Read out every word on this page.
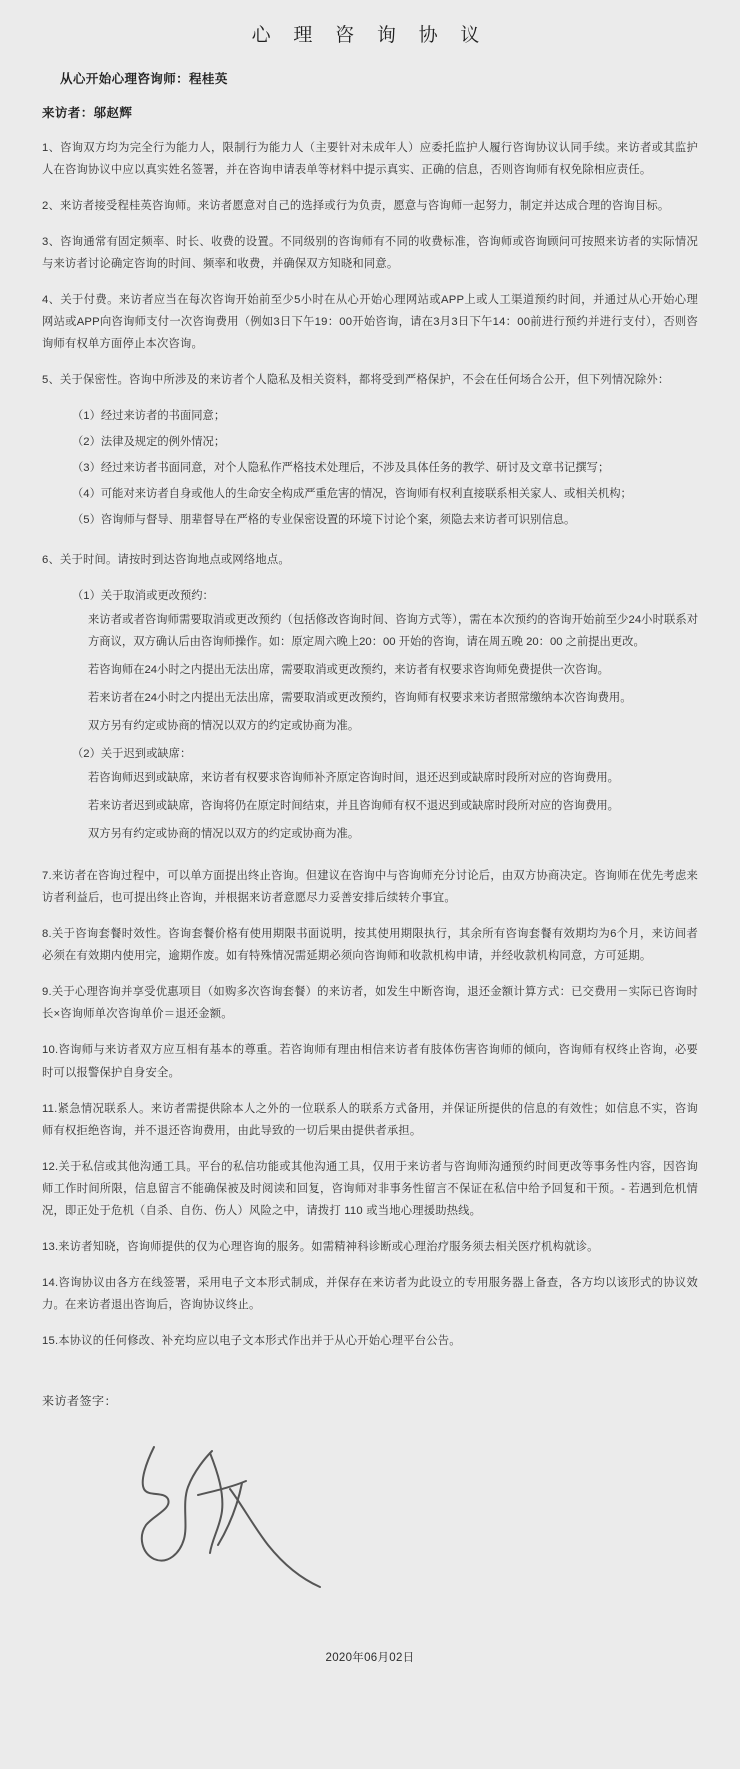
心 理 咨 询 协 议
从心开始心理咨询师：程桂英
来访者：邬赵辉

1、咨询双方均为完全行为能力人，限制行为能力人（主要针对未成年人）应委托监护人履行咨询协议认同手续。来访者或其监护人在咨询协议中应以真实姓名签署，并在咨询申请表单等材料中提示真实、正确的信息，否则咨询师有权免除相应责任。

2、来访者接受程桂英咨询师。来访者愿意对自己的选择或行为负责，愿意与咨询师一起努力，制定并达成合理的咨询目标。

3、咨询通常有固定频率、时长、收费的设置。不同级别的咨询师有不同的收费标准，咨询师或咨询顾问可按照来访者的实际情况与来访者讨论确定咨询的时间、频率和收费，并确保双方知晓和同意。

4、关于付费。来访者应当在每次咨询开始前至少5小时在从心开始心理网站或APP上或人工渠道预约时间，并通过从心开始心理网站或APP向咨询师支付一次咨询费用（例如3日下午19：00开始咨询，请在3月3日下午14：00前进行预约并进行支付），否则咨询师有权单方面停止本次咨询。

5、关于保密性。咨询中所涉及的来访者个人隐私及相关资料，都将受到严格保护，不会在任何场合公开，但下列情况除外：

（1）经过来访者的书面同意；

（2）法律及规定的例外情况；

（3）经过来访者书面同意，对个人隐私作严格技术处理后，不涉及具体任务的教学、研讨及文章书记撰写；

（4）可能对来访者自身或他人的生命安全构成严重危害的情况，咨询师有权利直接联系相关家人、或相关机构；

（5）咨询师与督导、朋辈督导在严格的专业保密设置的环境下讨论个案，须隐去来访者可识别信息。

6、关于时间。请按时到达咨询地点或网络地点。

（1）关于取消或更改预约：

来访者或者咨询师需要取消或更改预约（包括修改咨询时间、咨询方式等），需在本次预约的咨询开始前至少24小时联系对方商议，双方确认后由咨询师操作。如：原定周六晚上20：00 开始的咨询，请在周五晚 20：00 之前提出更改。

若咨询师在24小时之内提出无法出席，需要取消或更改预约，来访者有权要求咨询师免费提供一次咨询。

若来访者在24小时之内提出无法出席，需要取消或更改预约，咨询师有权要求来访者照常缴纳本次咨询费用。

双方另有约定或协商的情况以双方的约定或协商为准。

（2）关于迟到或缺席：

若咨询师迟到或缺席，来访者有权要求咨询师补齐原定咨询时间，退还迟到或缺席时段所对应的咨询费用。

若来访者迟到或缺席，咨询将仍在原定时间结束，并且咨询师有权不退迟到或缺席时段所对应的咨询费用。

双方另有约定或协商的情况以双方的约定或协商为准。

7.来访者在咨询过程中，可以单方面提出终止咨询。但建议在咨询中与咨询师充分讨论后，由双方协商决定。咨询师在优先考虑来访者利益后，也可提出终止咨询，并根据来访者意愿尽力妥善安排后续转介事宜。

8.关于咨询套餐时效性。咨询套餐价格有使用期限书面说明，按其使用期限执行，其余所有咨询套餐有效期均为6个月，来访间者必须在有效期内使用完，逾期作废。如有特殊情况需延期必须向咨询师和收款机构申请，并经收款机构同意，方可延期。

9.关于心理咨询并享受优惠项目（如购多次咨询套餐）的来访者，如发生中断咨询，退还金额计算方式：已交费用－实际已咨询时长×咨询师单次咨询单价＝退还金额。

10.咨询师与来访者双方应互相有基本的尊重。若咨询师有理由相信来访者有肢体伤害咨询师的倾向，咨询师有权终止咨询，必要时可以报警保护自身安全。

11.紧急情况联系人。来访者需提供除本人之外的一位联系人的联系方式备用，并保证所提供的信息的有效性；如信息不实，咨询师有权拒绝咨询，并不退还咨询费用，由此导致的一切后果由提供者承担。

12.关于私信或其他沟通工具。平台的私信功能或其他沟通工具，仅用于来访者与咨询师沟通预约时间更改等事务性内容，因咨询师工作时间所限，信息留言不能确保被及时阅读和回复，咨询师对非事务性留言不保证在私信中给予回复和干预。- 若遇到危机情况，即正处于危机（自杀、自伤、伤人）风险之中，请拨打 110 或当地心理援助热线。

13.来访者知晓，咨询师提供的仅为心理咨询的服务。如需精神科诊断或心理治疗服务须去相关医疗机构就诊。

14.咨询协议由各方在线签署，采用电子文本形式制成，并保存在来访者为此设立的专用服务器上备查，各方均以该形式的协议效力。在来访者退出咨询后，咨询协议终止。

15.本协议的任何修改、补充均应以电子文本形式作出并于从心开始心理平台公告。

来访者签字：

2020年06月02日
